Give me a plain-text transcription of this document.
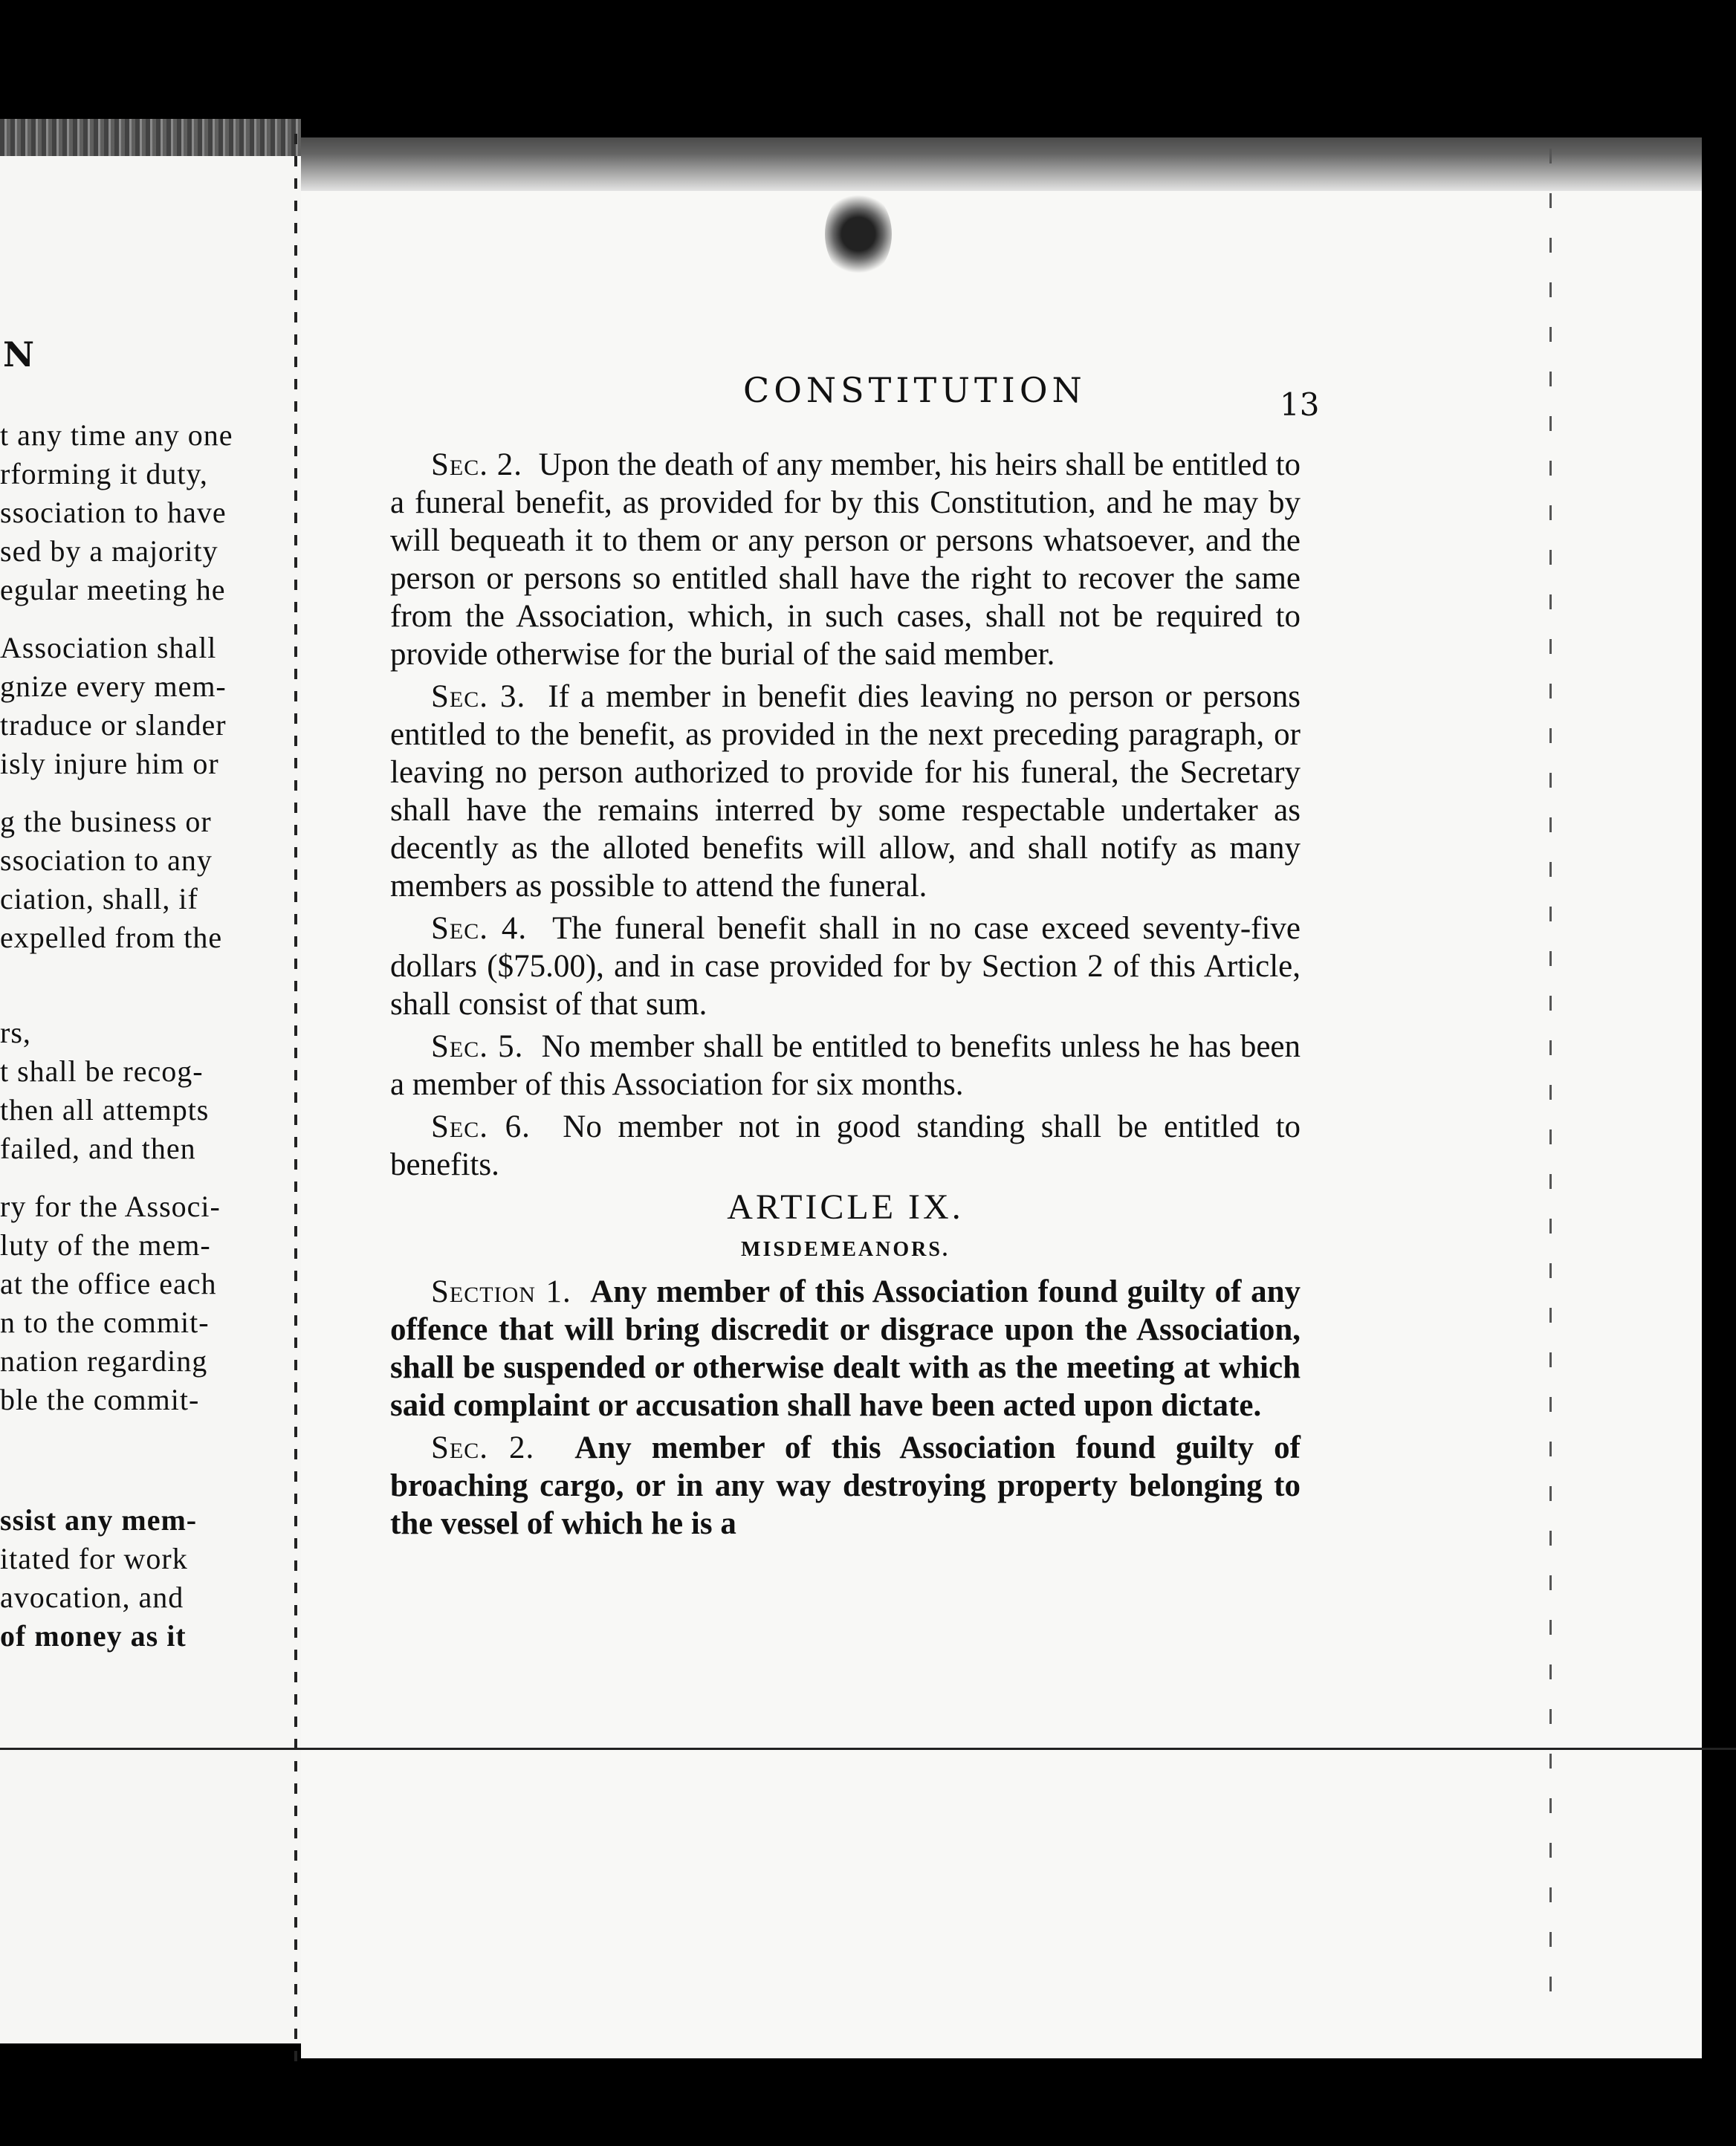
N
t any time any one
rforming it duty,
ssociation to have
sed by a majority
egular meeting he
Association shall
gnize every mem-
traduce or slander
isly injure him or
g the business or
ssociation to any
ciation, shall, if
expelled from the
rs,
t shall be recog-
then all attempts
failed, and then
ry for the Associ-
luty of the mem-
at the office each
n to the commit-
nation regarding
ble the commit-
ssist any mem-
itated for work
avocation, and
of money as it
CONSTITUTION	13

Sec. 2. Upon the death of any member, his heirs shall be entitled to a funeral benefit, as provided for by this Constitution, and he may by will bequeath it to them or any person or persons whatsoever, and the person or persons so entitled shall have the right to recover the same from the Association, which, in such cases, shall not be required to provide otherwise for the burial of the said member.

Sec. 3. If a member in benefit dies leaving no person or persons entitled to the benefit, as provided in the next preceding paragraph, or leaving no person authorized to provide for his funeral, the Secretary shall have the remains interred by some respectable undertaker as decently as the alloted benefits will allow, and shall notify as many members as possible to attend the funeral.

Sec. 4. The funeral benefit shall in no case exceed seventy-five dollars ($75.00), and in case provided for by Section 2 of this Article, shall consist of that sum.

Sec. 5. No member shall be entitled to benefits unless he has been a member of this Association for six months.

Sec. 6. No member not in good standing shall be entitled to benefits.

ARTICLE IX.

MISDEMEANORS.

Section 1. Any member of this Association found guilty of any offence that will bring discredit or disgrace upon the Association, shall be suspended or otherwise dealt with as the meeting at which said complaint or accusation shall have been acted upon dictate.

Sec. 2. Any member of this Association found guilty of broaching cargo, or in any way destroying property belonging to the vessel of which he is a
